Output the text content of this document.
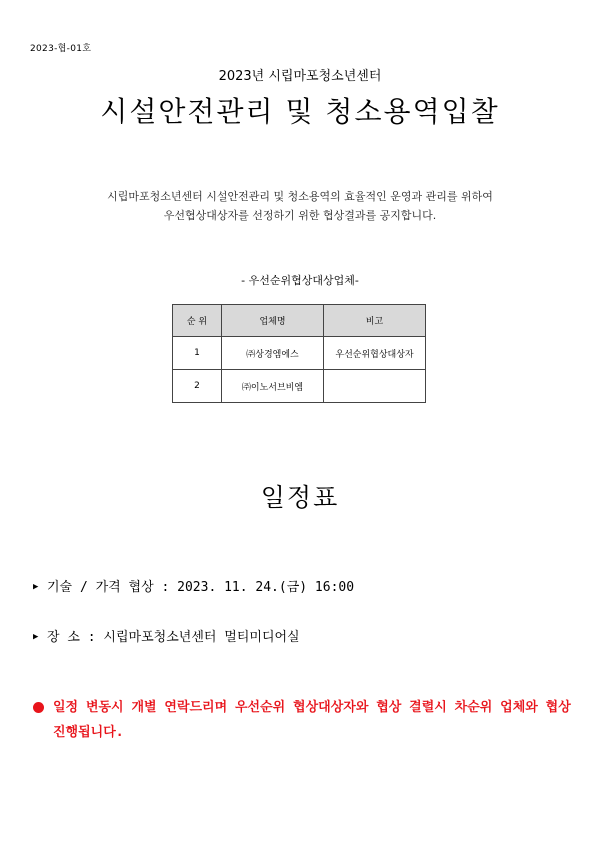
2023-협-01호
2023년 시립마포청소년센터
시설안전관리 및 청소용역입찰
시립마포청소년센터 시설안전관리 및 청소용역의 효율적인 운영과 관리를 위하여
우선협상대상자를 선정하기 위한 협상결과를 공지합니다.
- 우선순위협상대상업체-
순 위	업체명	비고
1	㈜상경엠에스	우선순위협상대상자
2	㈜이노서브비엠	
일정표
▶ 기술 / 가격 협상 : 2023. 11. 24.(금) 16:00
▶ 장 소 : 시립마포청소년센터 멀티미디어실
일정 변동시 개별 연락드리며 우선순위 협상대상자와 협상 결렬시 차순위 업체와 협상 진행됩니다.
